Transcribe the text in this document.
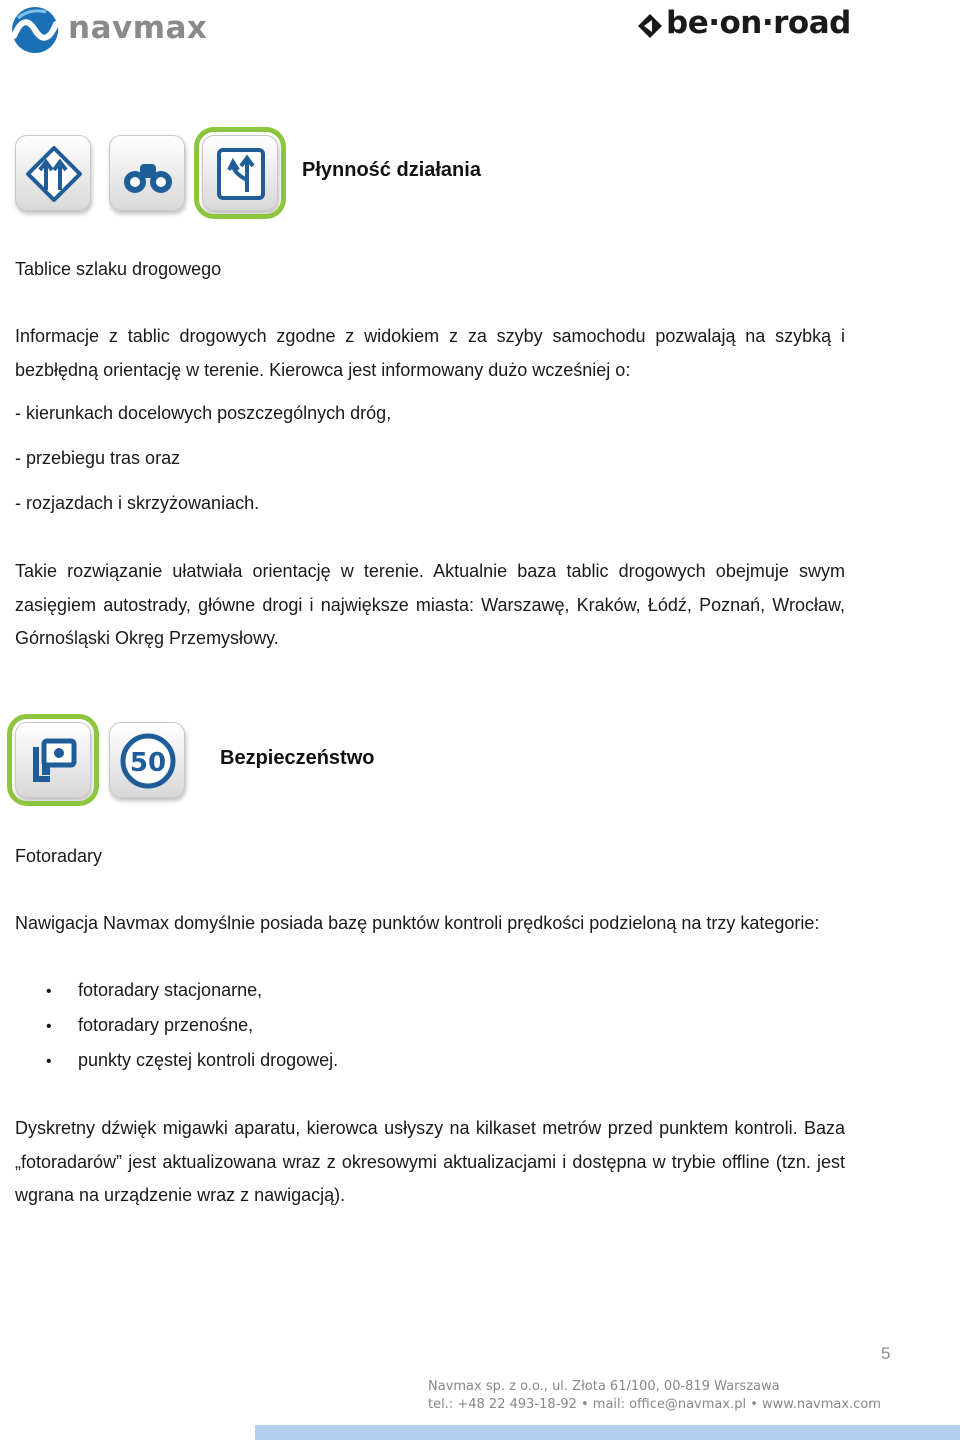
navmax	be·on·road
Płynność działania
Tablice szlaku drogowego
Informacje z tablic drogowych zgodne z widokiem z za szyby samochodu pozwalają na szybką i bezbłędną orientację w terenie. Kierowca jest informowany dużo wcześniej o:
- kierunkach docelowych poszczególnych dróg,
- przebiegu tras oraz
- rozjazdach i skrzyżowaniach.
Takie rozwiązanie ułatwiała orientację w terenie. Aktualnie baza tablic drogowych obejmuje swym zasięgiem autostrady, główne drogi i największe miasta: Warszawę, Kraków, Łódź, Poznań, Wrocław, Górnośląski Okręg Przemysłowy.
50	Bezpieczeństwo
Fotoradary
Nawigacja Navmax domyślnie posiada bazę punktów kontroli prędkości podzieloną na trzy kategorie:
• fotoradary stacjonarne,
• fotoradary przenośne,
• punkty częstej kontroli drogowej.
Dyskretny dźwięk migawki aparatu, kierowca usłyszy na kilkaset metrów przed punktem kontroli. Baza „fotoradarów” jest aktualizowana wraz z okresowymi aktualizacjami i dostępna w trybie offline (tzn. jest wgrana na urządzenie wraz z nawigacją).
5
Navmax sp. z o.o., ul. Złota 61/100, 00-819 Warszawa
tel.: +48 22 493-18-92 • mail: office@navmax.pl • www.navmax.com
